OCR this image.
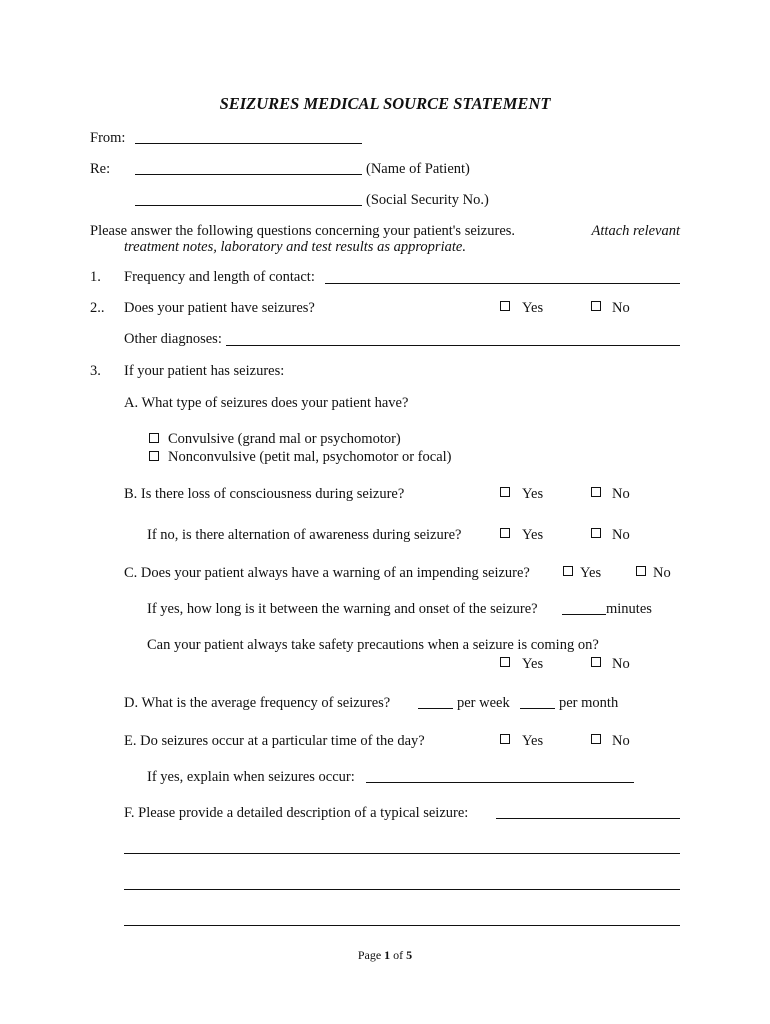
SEIZURES MEDICAL SOURCE STATEMENT
From:
Re:	(Name of Patient)
(Social Security No.)
Please answer the following questions concerning your patient's seizures.	Attach relevant
treatment notes, laboratory and test results as appropriate.
1. Frequency and length of contact:
2.. Does your patient have seizures?	Yes	No
Other diagnoses:
3. If your patient has seizures:
A. What type of seizures does your patient have?
Convulsive (grand mal or psychomotor)
Nonconvulsive (petit mal, psychomotor or focal)
B. Is there loss of consciousness during seizure?	Yes	No
If no, is there alternation of awareness during seizure?	Yes	No
C. Does your patient always have a warning of an impending seizure?	Yes	No
If yes, how long is it between the warning and onset of the seizure?	minutes
Can your patient always take safety precautions when a seizure is coming on?
Yes	No
D. What is the average frequency of seizures?	per week	per month
E. Do seizures occur at a particular time of the day?	Yes	No
If yes, explain when seizures occur:
F. Please provide a detailed description of a typical seizure:
Page 1 of 5
